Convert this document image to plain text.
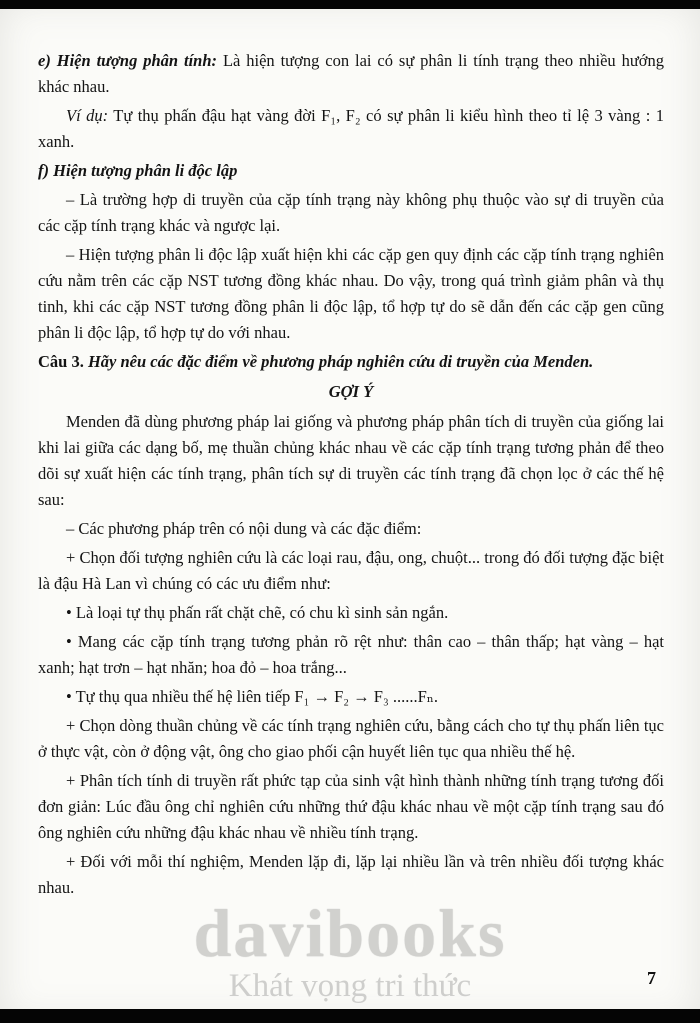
davibooks
Khát vọng tri thức

e) Hiện tượng phân tính: Là hiện tượng con lai có sự phân li tính trạng theo nhiều hướng khác nhau.

Ví dụ: Tự thụ phấn đậu hạt vàng đời F₁, F₂ có sự phân li kiểu hình theo tỉ lệ 3 vàng : 1 xanh.

f) Hiện tượng phân li độc lập

– Là trường hợp di truyền của cặp tính trạng này không phụ thuộc vào sự di truyền của các cặp tính trạng khác và ngược lại.

– Hiện tượng phân li độc lập xuất hiện khi các cặp gen quy định các cặp tính trạng nghiên cứu nằm trên các cặp NST tương đồng khác nhau. Do vậy, trong quá trình giảm phân và thụ tinh, khi các cặp NST tương đồng phân li độc lập, tổ hợp tự do sẽ dẫn đến các cặp gen cũng phân li độc lập, tổ hợp tự do với nhau.

Câu 3. Hãy nêu các đặc điểm về phương pháp nghiên cứu di truyền của Menden.

GỢI Ý

Menden đã dùng phương pháp lai giống và phương pháp phân tích di truyền của giống lai khi lai giữa các dạng bố, mẹ thuần chủng khác nhau về các cặp tính trạng tương phản để theo dõi sự xuất hiện các tính trạng, phân tích sự di truyền các tính trạng đã chọn lọc ở các thế hệ sau:

– Các phương pháp trên có nội dung và các đặc điểm:

+ Chọn đối tượng nghiên cứu là các loại rau, đậu, ong, chuột... trong đó đối tượng đặc biệt là đậu Hà Lan vì chúng có các ưu điểm như:

• Là loại tự thụ phấn rất chặt chẽ, có chu kì sinh sản ngắn.

• Mang các cặp tính trạng tương phản rõ rệt như: thân cao – thân thấp; hạt vàng – hạt xanh; hạt trơn – hạt nhăn; hoa đỏ – hoa trắng...

• Tự thụ qua nhiều thế hệ liên tiếp F₁ → F₂ → F₃ ......Fₙ.

+ Chọn dòng thuần chủng về các tính trạng nghiên cứu, bằng cách cho tự thụ phấn liên tục ở thực vật, còn ở động vật, ông cho giao phối cận huyết liên tục qua nhiều thế hệ.

+ Phân tích tính di truyền rất phức tạp của sinh vật hình thành những tính trạng tương đối đơn giản: Lúc đầu ông chỉ nghiên cứu những thứ đậu khác nhau về một cặp tính trạng sau đó ông nghiên cứu những đậu khác nhau về nhiều tính trạng.

+ Đối với mỗi thí nghiệm, Menden lặp đi, lặp lại nhiều lần và trên nhiều đối tượng khác nhau.

7
